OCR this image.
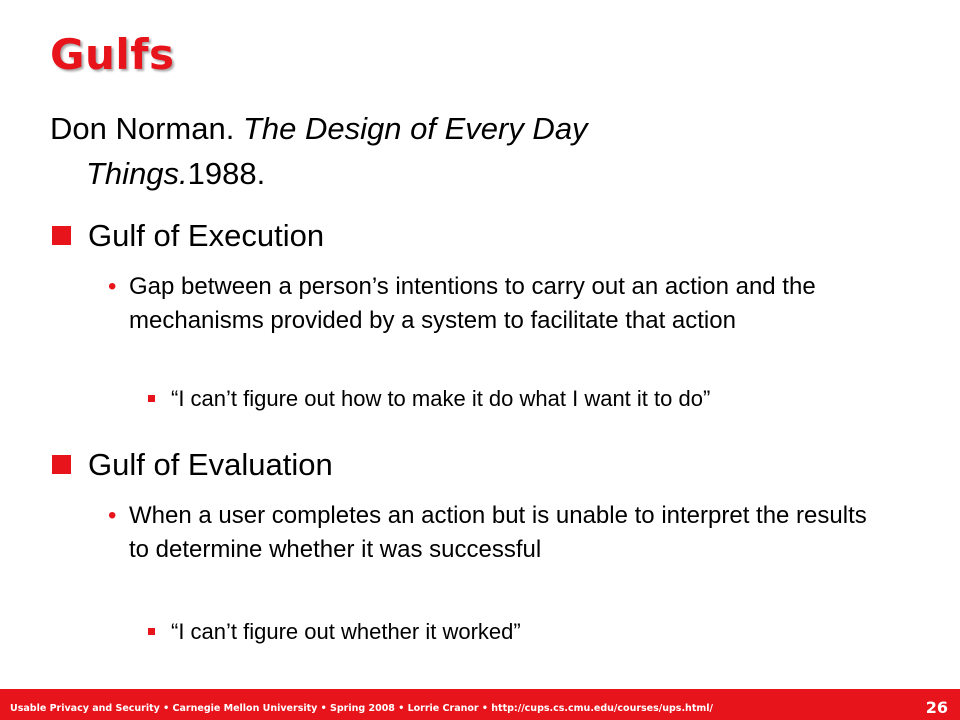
Gulfs
Don Norman. The Design of Every Day
Things.1988.
Gulf of Execution
• Gap between a person’s intentions to carry out an action and the mechanisms provided by a system to facilitate that action
“I can’t figure out how to make it do what I want it to do”
Gulf of Evaluation
• When a user completes an action but is unable to interpret the results to determine whether it was successful
“I can’t figure out whether it worked”
Usable Privacy and Security • Carnegie Mellon University • Spring 2008 • Lorrie Cranor • http://cups.cs.cmu.edu/courses/ups.html/	26
